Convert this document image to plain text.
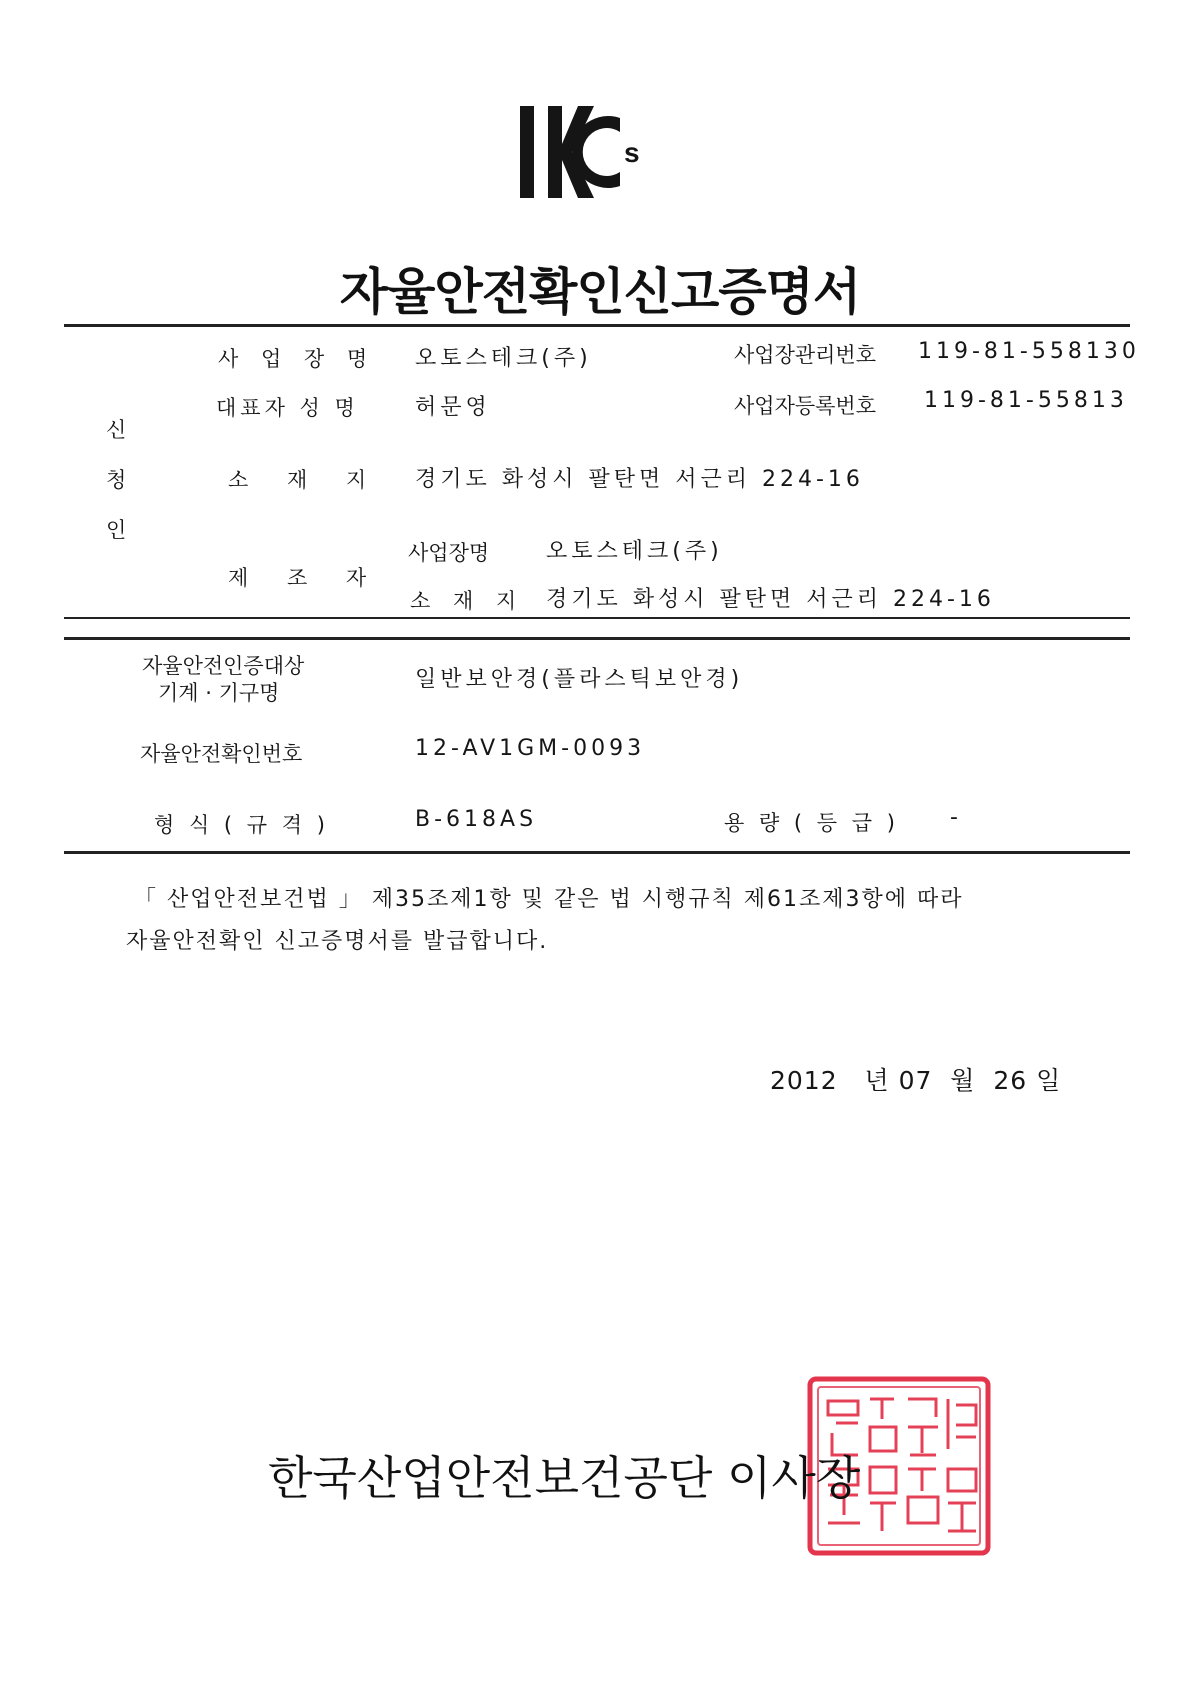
s
자율안전확인신고증명서
신
청
인
사 업 장 명 오토스테크(주)	사업장관리번호 119-81-558130
대표자 성 명	허문영	사업자등록번호 119-81-55813
소 재 지 경기도 화성시 팔탄면 서근리 224-16
제 조 자
사업장명	오토스테크(주)
소 재 지 경기도 화성시 팔탄면 서근리 224-16
자율안전인증대상
기계 · 기구명
일반보안경(플라스틱보안경)
자율안전확인번호	12-AV1GM-0093
형 식 ( 규 격 )	B-618AS	용 량 ( 등 급 ) -
「 산업안전보건법 」 제35조제1항 및 같은 법 시행규칙 제61조제3항에 따라
자율안전확인 신고증명서를 발급합니다.
2012 년 07 월 26 일
한국산업안전보건공단 이사장
